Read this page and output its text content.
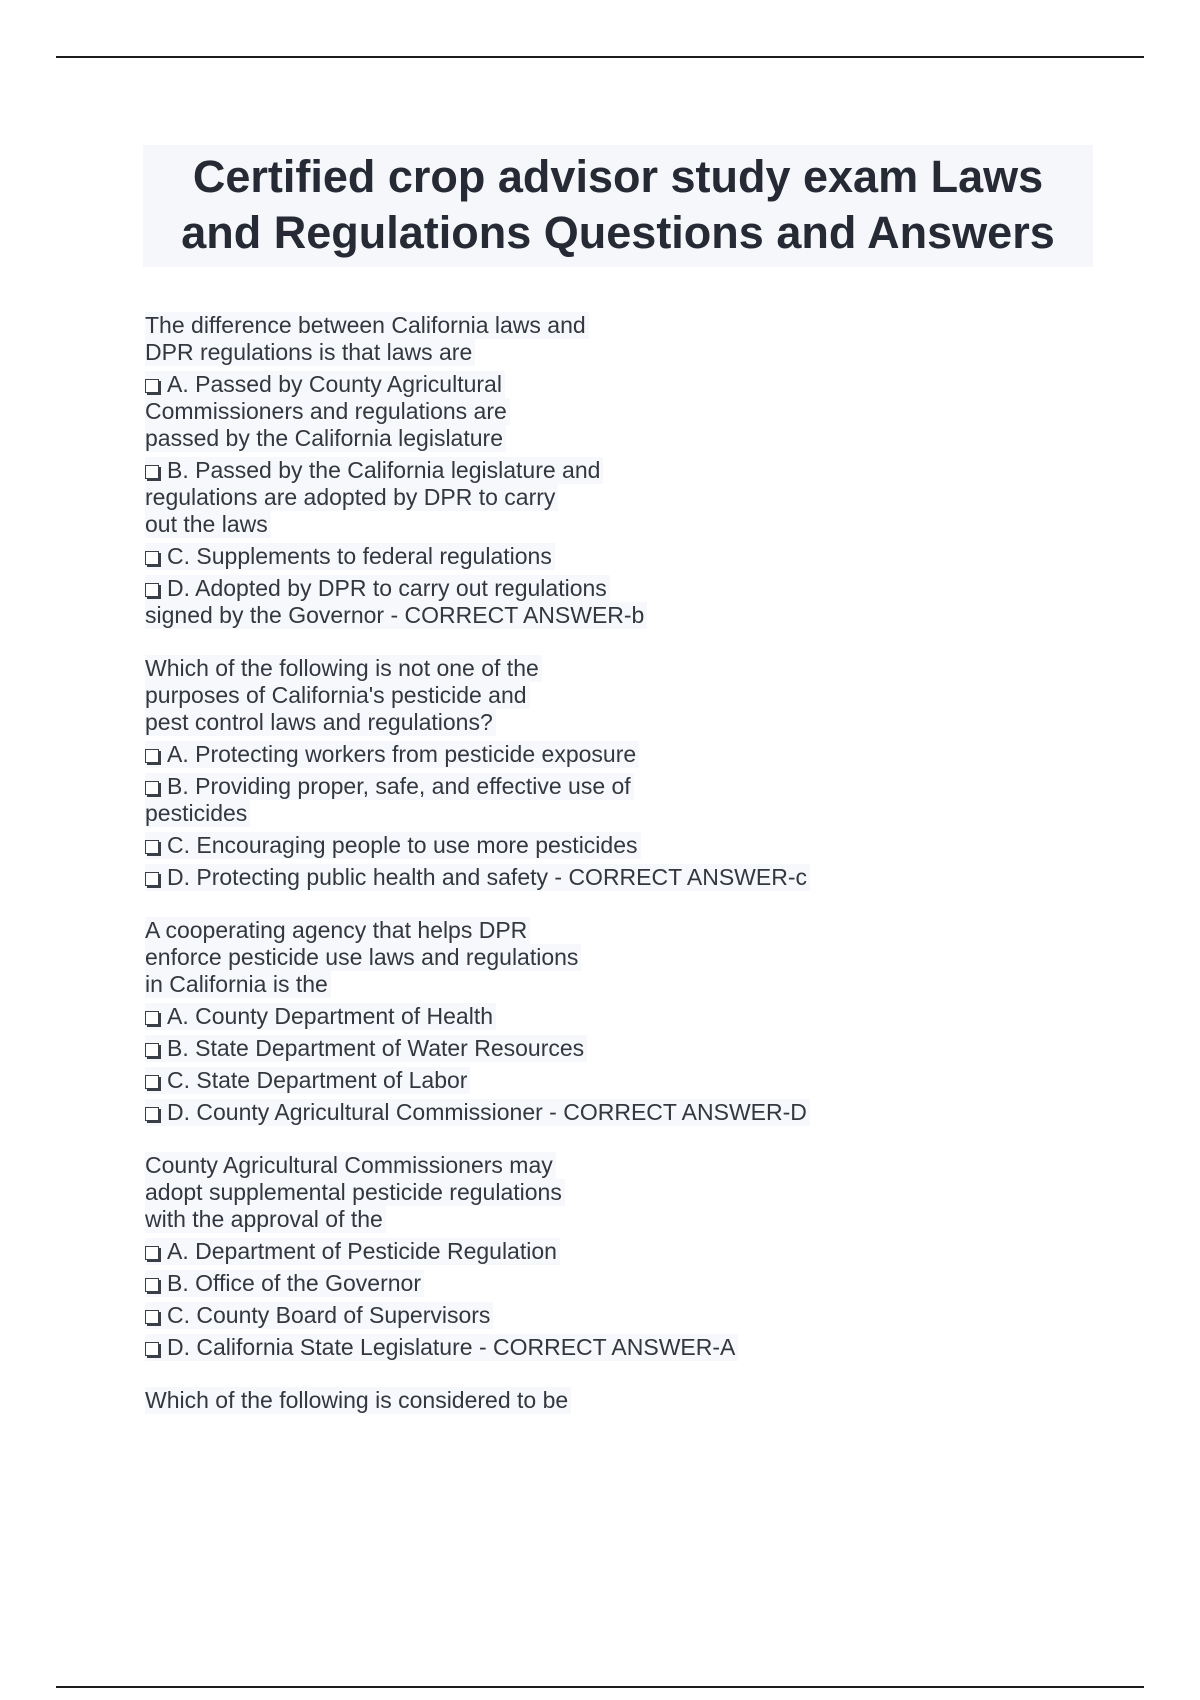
Certified crop advisor study exam Laws
and Regulations Questions and Answers
The difference between California laws and
DPR regulations is that laws are
A. Passed by County Agricultural
Commissioners and regulations are
passed by the California legislature
B. Passed by the California legislature and
regulations are adopted by DPR to carry
out the laws
C. Supplements to federal regulations
D. Adopted by DPR to carry out regulations
signed by the Governor - CORRECT ANSWER-b
Which of the following is not one of the
purposes of California's pesticide and
pest control laws and regulations?
A. Protecting workers from pesticide exposure
B. Providing proper, safe, and effective use of
pesticides
C. Encouraging people to use more pesticides
D. Protecting public health and safety - CORRECT ANSWER-c
A cooperating agency that helps DPR
enforce pesticide use laws and regulations
in California is the
A. County Department of Health
B. State Department of Water Resources
C. State Department of Labor
D. County Agricultural Commissioner - CORRECT ANSWER-D
County Agricultural Commissioners may
adopt supplemental pesticide regulations
with the approval of the
A. Department of Pesticide Regulation
B. Office of the Governor
C. County Board of Supervisors
D. California State Legislature - CORRECT ANSWER-A
Which of the following is considered to be
